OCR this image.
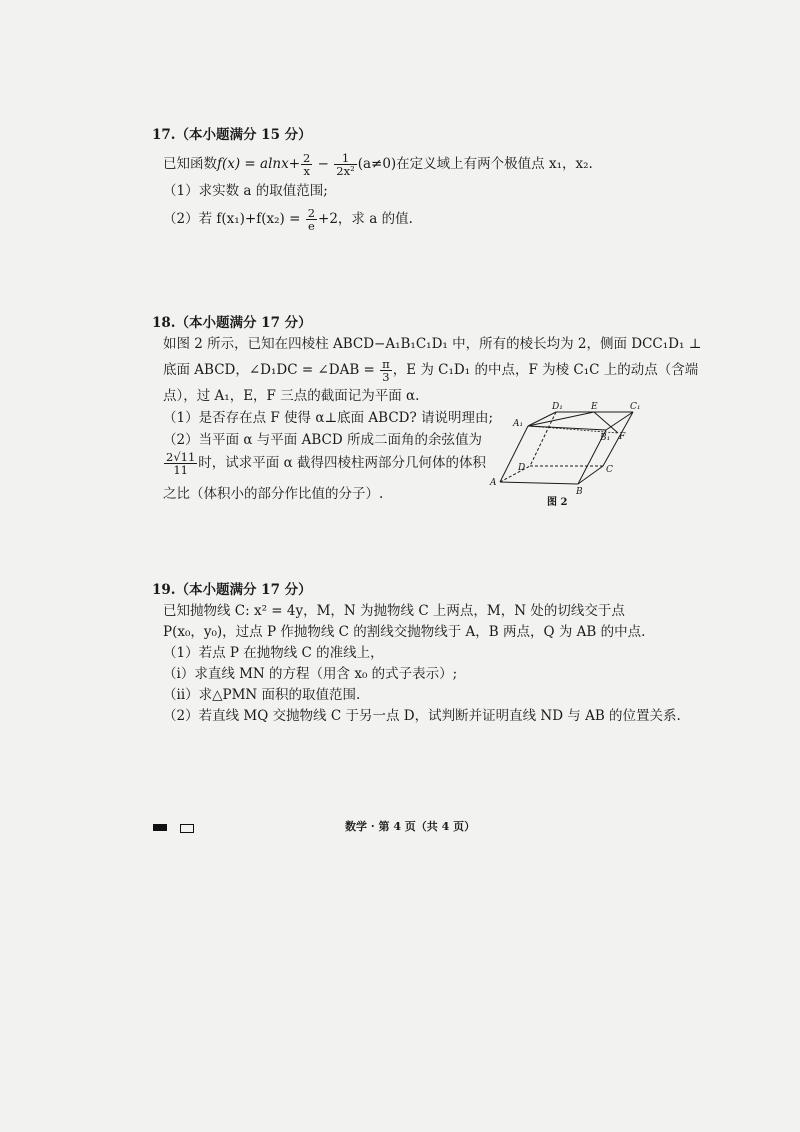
17.（本小题满分 15 分）
已知函数$f(x) = alnx+ \frac{2}{x} - \frac{1}{\text{2x²}} (a\ne 0)$在定义域上有两个极值点 x₁，x₂.
（1）求实数 a 的取值范围;
（2）若 $f(x_1)+f(x_2) = \frac{2}{e} +2$，求 a 的值.
18.（本小题满分 17 分）
如图 2 所示，已知在四棱柱 ABCD−A₁B₁C₁D₁ 中，所有的棱长均为 2，侧面 DCC₁D₁ ⊥
底面 ABCD，∠D₁DC = ∠DAB = $\frac{\pi}{3}$ ，E 为 C₁D₁ 的中点，F 为棱 C₁C 上的动点（含端
点），过 A₁，E，F 三点的截面记为平面 α.
（1）是否存在点 F 使得 α⊥底面 ABCD? 请说明理由;
（2）当平面 α 与平面 ABCD 所成二面角的余弦值为
$\frac{2√11}{11}$ 时，试求平面 α 截得四棱柱两部分几何体的体积
之比（体积小的部分作比值的分子）.
D₁	E	C₁
A₁
B₁ F
D	C
A
B
图 2
19.（本小题满分 17 分）
已知抛物线 C: x² = 4y，M，N 为抛物线 C 上两点，M，N 处的切线交于点
P(x₀，y₀)，过点 P 作抛物线 C 的割线交抛物线于 A，B 两点，Q 为 AB 的中点.
（1）若点 P 在抛物线 C 的准线上，
（ⅰ）求直线 MN 的方程（用含 x₀ 的式子表示）;
（ⅱ）求△PMN 面积的取值范围.
（2）若直线 MQ 交抛物线 C 于另一点 D，试判断并证明直线 ND 与 AB 的位置关系.
数学 · 第 4 页（共 4 页）
